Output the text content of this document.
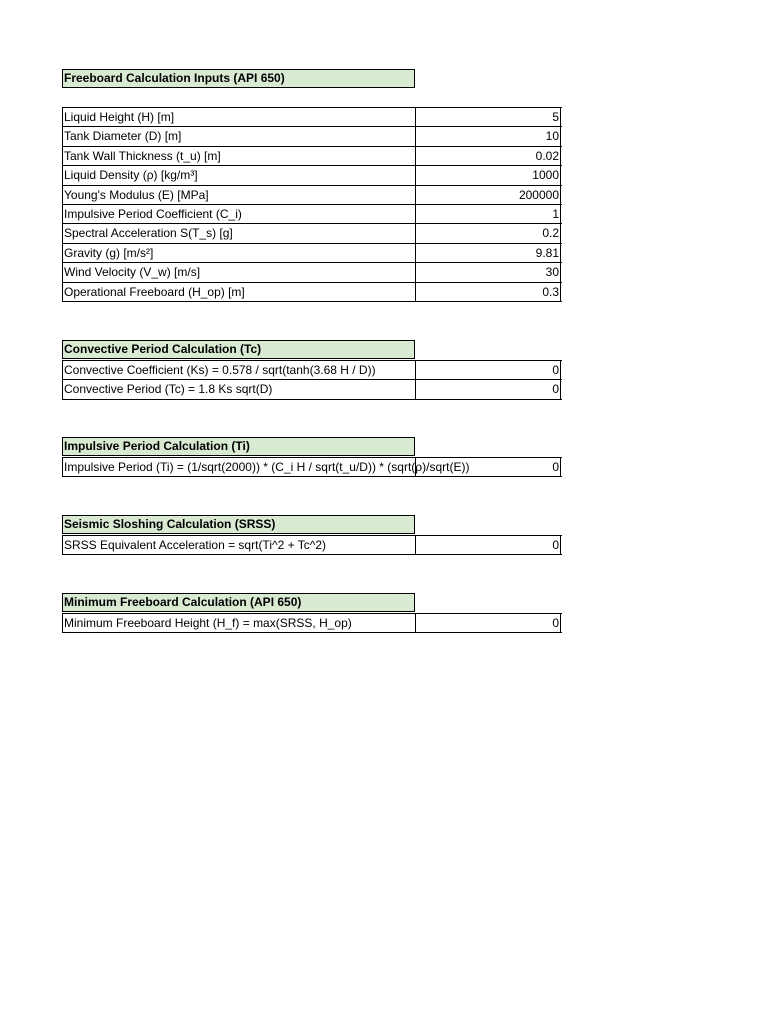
Freeboard Calculation Inputs (API 650)
Liquid Height (H) [m]	5
Tank Diameter (D) [m]	10
Tank Wall Thickness (t_u) [m]	0.02
Liquid Density (ρ) [kg/m³]	1000
Young's Modulus (E) [MPa]	200000
Impulsive Period Coefficient (C_i)	1
Spectral Acceleration S(T_s) [g]	0.2
Gravity (g) [m/s²]	9.81
Wind Velocity (V_w) [m/s]	30
Operational Freeboard (H_op) [m]	0.3
Convective Period Calculation (Tc)
Convective Coefficient (Ks) = 0.578 / sqrt(tanh(3.68 H / D))	0
Convective Period (Tc) = 1.8 Ks sqrt(D)	0
Impulsive Period Calculation (Ti)
Impulsive Period (Ti) = (1/sqrt(2000)) * (C_i H / sqrt(t_u/D)) * (sqrt(ρ)/sqrt(E))	0
Seismic Sloshing Calculation (SRSS)
SRSS Equivalent Acceleration = sqrt(Ti^2 + Tc^2)	0
Minimum Freeboard Calculation (API 650)
Minimum Freeboard Height (H_f) = max(SRSS, H_op)	0
